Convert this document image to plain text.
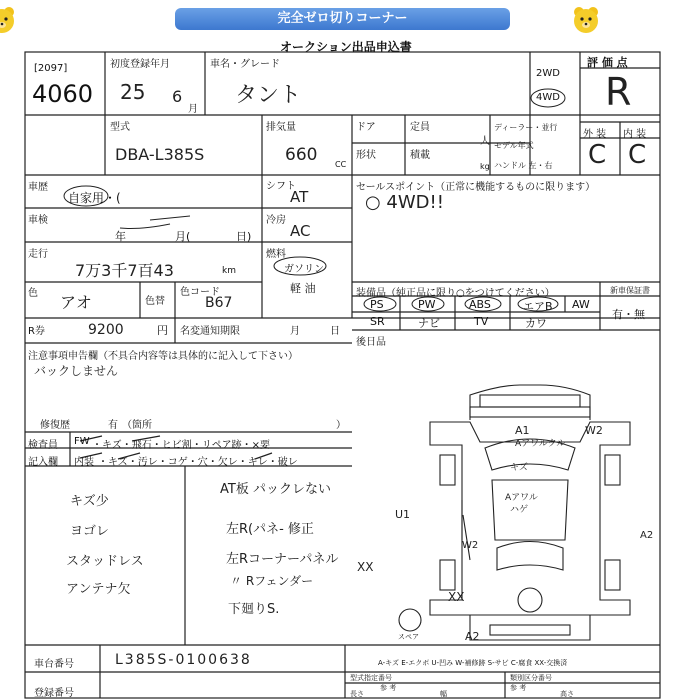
完全ゼロ切りコーナー
オークション出品申込書
[2097]
4060
初度登録年月
25 6
月
車名・グレード
タント
2WD
4WD
評 価 点
R
型式
DBA-L385S
排気量
660 CC
ドア	定員
人
形状	積載
kg
ディーラー・並行
モデル年式
ハンドル 左・右
外 装 内 装
C C
車歴
自家用・(
シフト
AT
車検
年	月(	日)
冷房
AC
走行
7万3千7百43	km
燃料
ガソリン
軽 油
色 アオ	色替
色コード
B67
セールスポイント（正常に機能するものに限ります）
○ 4WD!!
装備品（純正品に限り○をつけてください）
PS	PW	ABS	エアB AW
SR	ナビ	TV	カワ
新車保証書
有・無
R券	9200	円 名変通知期限	月	日
後日品
注意事項申告欄（不具合内容等は具体的に記入して下さい）
バックしません
修復歴	有 （箇所	）
検査員
記入欄
FW ・キズ・飛石・ヒビ割・リペア跡・×要
内装 ・キズ・汚レ・コゲ・穴・欠レ・キレ・破レ
キズ少
ヨゴレ
スタッドレス
アンテナ欠
AT板 パックレない
左R(パネ- 修正
左Rコーナーパネル
〃 Rフェンダー
下廻りS.
A1
Aアワルクル
W2
キズ
Aアワル
ハゲ
U1
A2
W2
XX
XX
A2
スペア
A-キズ E-エクボ U-凹み W-補修跡 S-サビ C-腐食 XX-交換済
車台番号	L385S-0100638
登録番号
型式指定番号
参 考
類別区分番号
参 考
長さ	幅	高さ
